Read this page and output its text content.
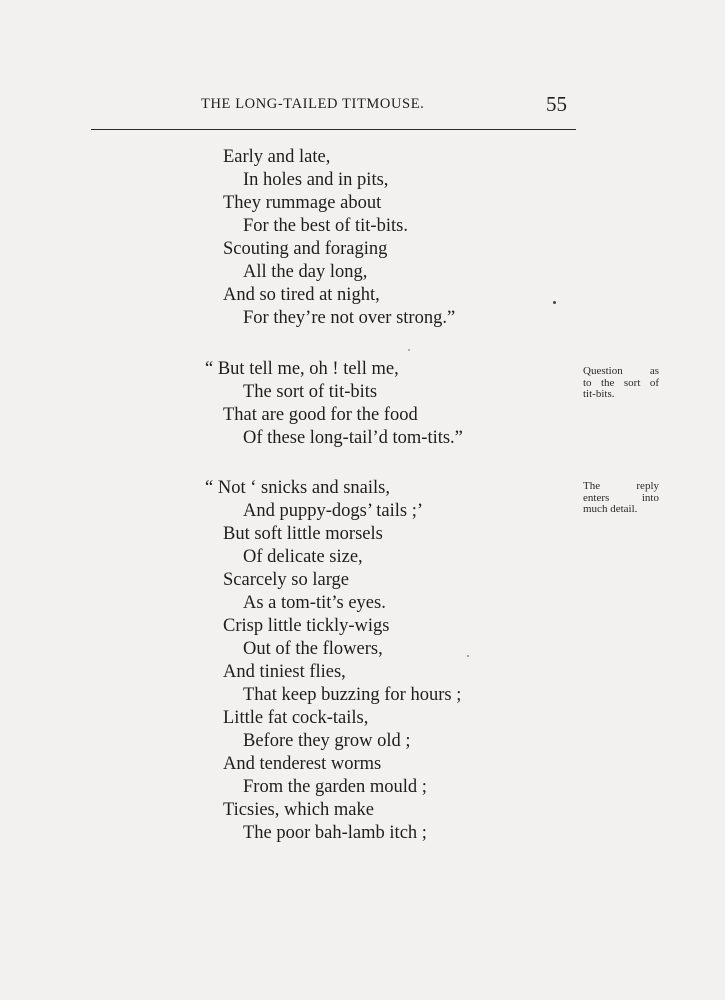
THE LONG-TAILED TITMOUSE.	55
Early and late,
In holes and in pits,
They rummage about
For the best of tit-bits.
Scouting and foraging
All the day long,
And so tired at night,
For they’re not over strong.”
“ But tell me, oh ! tell me,
The sort of tit-bits
That are good for the food
Of these long-tail’d tom-tits.”
“ Not ‘ snicks and snails,
And puppy-dogs’ tails ;’
But soft little morsels
Of delicate size,
Scarcely so large
As a tom-tit’s eyes.
Crisp little tickly-wigs
Out of the flowers,
And tiniest flies,
That keep buzzing for hours ;
Little fat cock-tails,
Before they grow old ;
And tenderest worms
From the garden mould ;
Ticsies, which make
The poor bah-lamb itch ;
Question as
to the sort of
tit-bits.
The reply
enters into
much detail.
